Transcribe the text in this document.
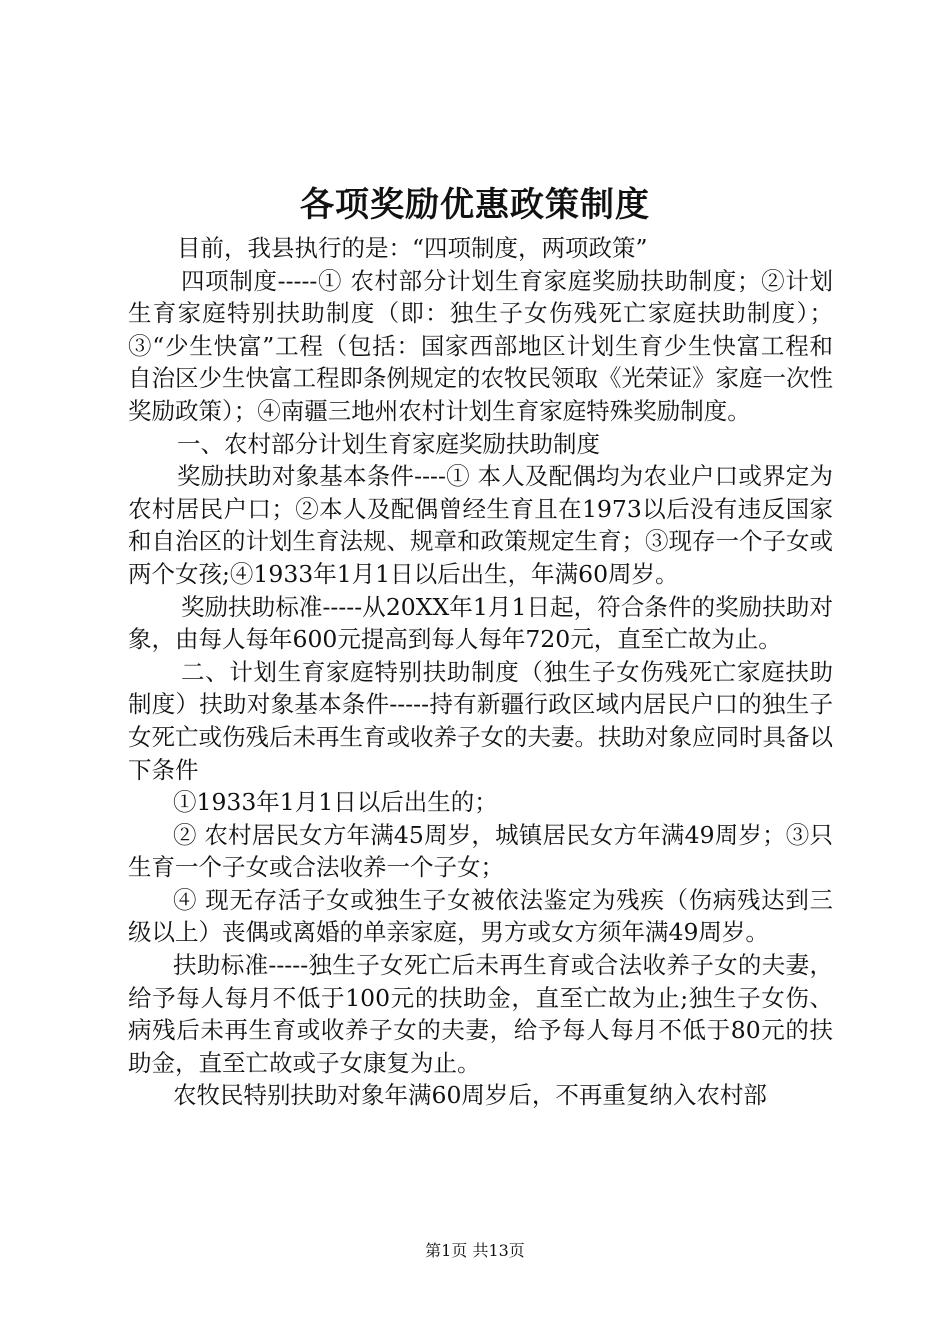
各项奖励优惠政策制度

目前，我县执行的是：“四项制度，两项政策”

四项制度-----① 农村部分计划生育家庭奖励扶助制度；②计划生育家庭特别扶助制度（即：独生子女伤残死亡家庭扶助制度）；③“少生快富”工程（包括：国家西部地区计划生育少生快富工程和自治区少生快富工程即条例规定的农牧民领取《光荣证》家庭一次性奖励政策）；④南疆三地州农村计划生育家庭特殊奖励制度。

一、农村部分计划生育家庭奖励扶助制度

奖励扶助对象基本条件----① 本人及配偶均为农业户口或界定为农村居民户口；②本人及配偶曾经生育且在1973以后没有违反国家和自治区的计划生育法规、规章和政策规定生育；③现存一个子女或两个女孩;④1933年1月1日以后出生，年满60周岁。

奖励扶助标准-----从20XX年1月1日起，符合条件的奖励扶助对象，由每人每年600元提高到每人每年720元，直至亡故为止。

二、计划生育家庭特别扶助制度（独生子女伤残死亡家庭扶助制度）扶助对象基本条件-----持有新疆行政区域内居民户口的独生子女死亡或伤残后未再生育或收养子女的夫妻。扶助对象应同时具备以下条件

①1933年1月1日以后出生的；

② 农村居民女方年满45周岁，城镇居民女方年满49周岁；③只生育一个子女或合法收养一个子女；

④ 现无存活子女或独生子女被依法鉴定为残疾（伤病残达到三级以上）丧偶或离婚的单亲家庭，男方或女方须年满49周岁。

扶助标准-----独生子女死亡后未再生育或合法收养子女的夫妻，给予每人每月不低于100元的扶助金，直至亡故为止;独生子女伤、病残后未再生育或收养子女的夫妻，给予每人每月不低于80元的扶助金，直至亡故或子女康复为止。

农牧民特别扶助对象年满60周岁后，不再重复纳入农村部

第1页 共13页
